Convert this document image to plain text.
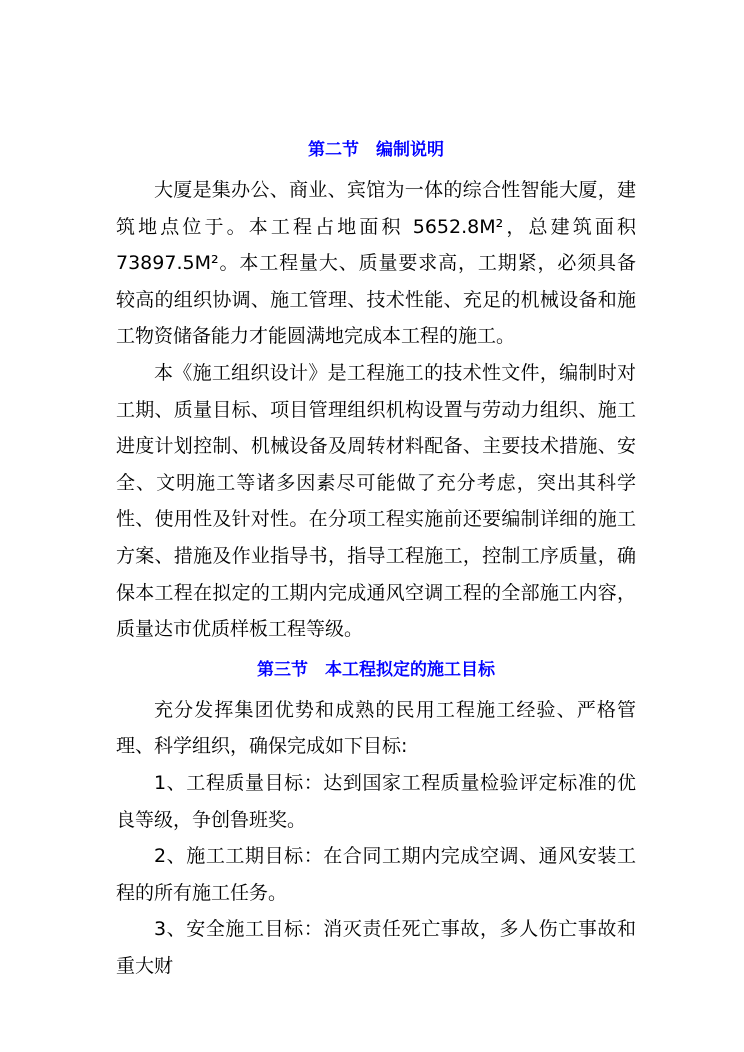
第二节　编制说明

大厦是集办公、商业、宾馆为一体的综合性智能大厦，建筑地点位于。本工程占地面积 5652.8M²，总建筑面积 73897.5M²。本工程量大、质量要求高，工期紧，必须具备较高的组织协调、施工管理、技术性能、充足的机械设备和施工物资储备能力才能圆满地完成本工程的施工。

本《施工组织设计》是工程施工的技术性文件，编制时对工期、质量目标、项目管理组织机构设置与劳动力组织、施工进度计划控制、机械设备及周转材料配备、主要技术措施、安全、文明施工等诸多因素尽可能做了充分考虑，突出其科学性、使用性及针对性。在分项工程实施前还要编制详细的施工方案、措施及作业指导书，指导工程施工，控制工序质量，确保本工程在拟定的工期内完成通风空调工程的全部施工内容，质量达市优质样板工程等级。

第三节　本工程拟定的施工目标

充分发挥集团优势和成熟的民用工程施工经验、严格管理、科学组织，确保完成如下目标:

1、工程质量目标：达到国家工程质量检验评定标准的优良等级，争创鲁班奖。

2、施工工期目标：在合同工期内完成空调、通风安装工程的所有施工任务。

3、安全施工目标：消灭责任死亡事故，多人伤亡事故和重大财
